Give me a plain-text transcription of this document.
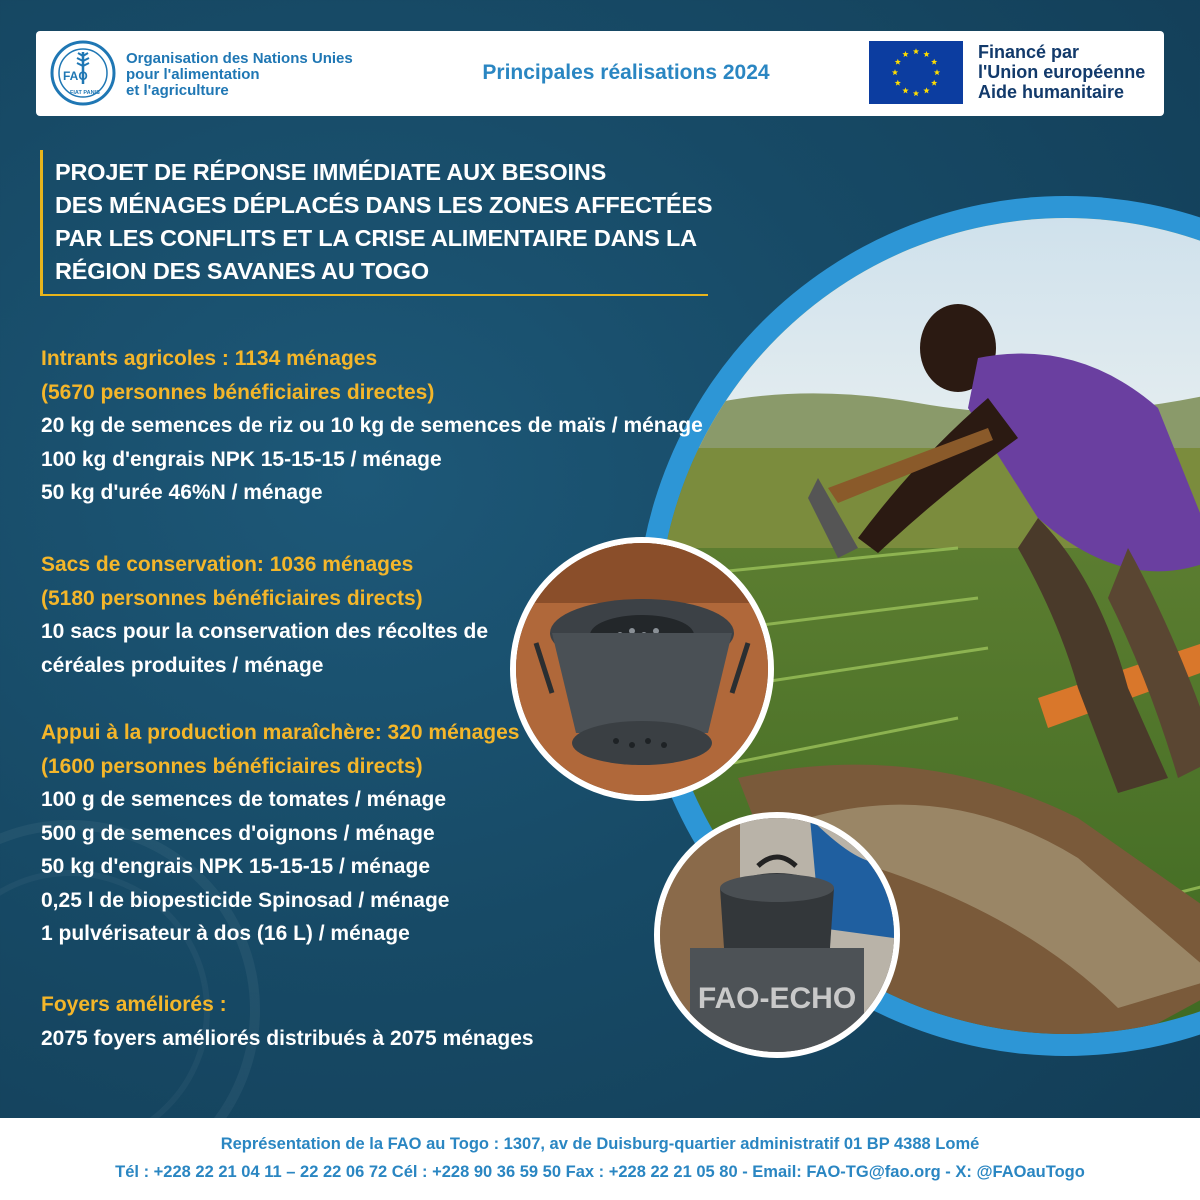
FAO
FIAT PANIS
Organisation des Nations Unies
pour l'alimentation
et l'agriculture
Principales réalisations 2024
Financé par
l'Union européenne
Aide humanitaire
PROJET DE RÉPONSE IMMÉDIATE AUX BESOINS
DES MÉNAGES DÉPLACÉS DANS LES ZONES AFFECTÉES
PAR LES CONFLITS ET LA CRISE ALIMENTAIRE DANS LA
RÉGION DES SAVANES AU TOGO
FAO-ECHO
Intrants agricoles : 1134 ménages
(5670 personnes bénéficiaires directes)
20 kg de semences de riz ou 10 kg de semences de maïs / ménage
100 kg d'engrais NPK 15-15-15 / ménage
50 kg d'urée 46%N / ménage
Sacs de conservation: 1036 ménages
(5180 personnes bénéficiaires directs)
10 sacs pour la conservation des récoltes de
céréales produites / ménage
Appui à la production maraîchère: 320 ménages
(1600 personnes bénéficiaires directs)
100 g de semences de tomates / ménage
500 g de semences d'oignons / ménage
50 kg d'engrais NPK 15-15-15 / ménage
0,25 l de biopesticide Spinosad / ménage
1 pulvérisateur à dos (16 L) / ménage
Foyers améliorés :
2075 foyers améliorés distribués à 2075 ménages
Représentation de la FAO au Togo : 1307, av de Duisburg-quartier administratif 01 BP 4388 Lomé
Tél : +228 22 21 04 11 – 22 22 06 72 Cél : +228 90 36 59 50 Fax : +228 22 21 05 80 - Email: FAO-TG@fao.org - X: @FAOauTogo
